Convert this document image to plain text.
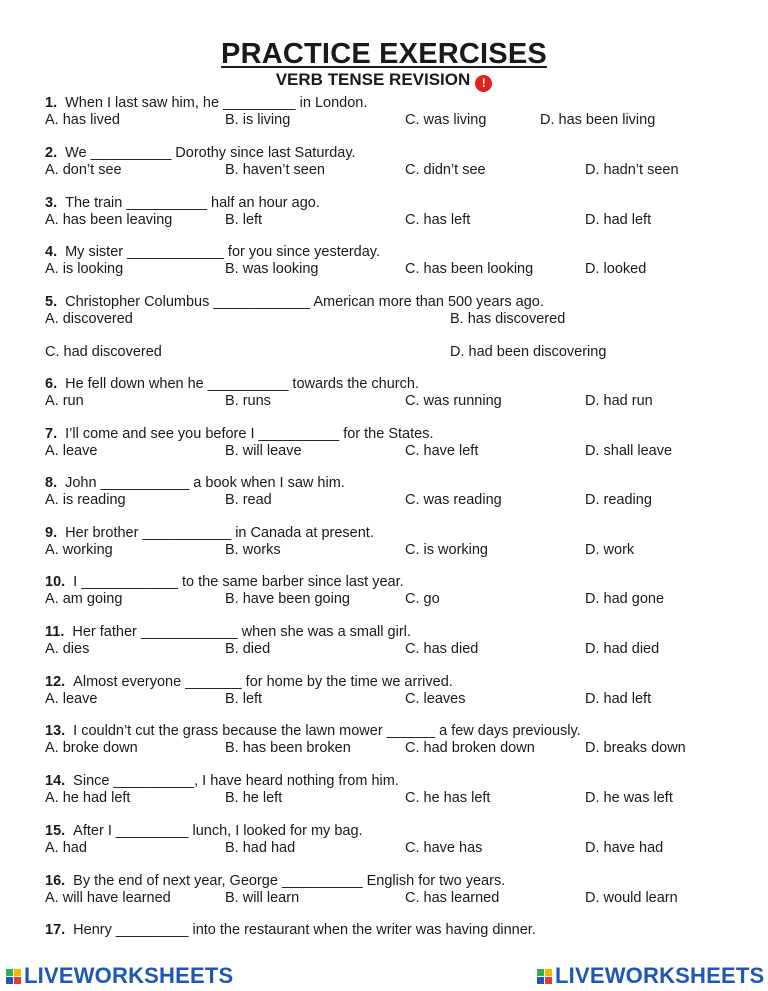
PRACTICE EXERCISES
VERB TENSE REVISION !
1. When I last saw him, he _________ in London.
A. has lived	B. is living	C. was living	D. has been living
2. We __________ Dorothy since last Saturday.
A. don’t see	B. haven’t seen	C. didn’t see	D. hadn’t seen
3. The train __________ half an hour ago.
A. has been leaving	B. left	C. has left	D. had left
4. My sister ____________ for you since yesterday.
A. is looking	B. was looking	C. has been looking	D. looked
5. Christopher Columbus ____________ American more than 500 years ago.
A. discovered	B. has discovered
C. had discovered	D. had been discovering
6. He fell down when he __________ towards the church.
A. run	B. runs	C. was running	D. had run
7. I’ll come and see you before I __________ for the States.
A. leave	B. will leave	C. have left	D. shall leave
8. John ___________ a book when I saw him.
A. is reading	B. read	C. was reading	D. reading
9. Her brother ___________ in Canada at present.
A. working	B. works	C. is working	D. work
10. I ____________ to the same barber since last year.
A. am going	B. have been going	C. go	D. had gone
11. Her father ____________ when she was a small girl.
A. dies	B. died	C. has died	D. had died
12. Almost everyone _______ for home by the time we arrived.
A. leave	B. left	C. leaves	D. had left
13. I couldn’t cut the grass because the lawn mower ______ a few days previously.
A. broke down	B. has been broken	C. had broken down	D. breaks down
14. Since __________, I have heard nothing from him.
A. he had left	B. he left	C. he has left	D. he was left
15. After I _________ lunch, I looked for my bag.
A. had	B. had had	C. have has	D. have had
16. By the end of next year, George __________ English for two years.
A. will have learned	B. will learn	C. has learned	D. would learn
17. Henry _________ into the restaurant when the writer was having dinner.
LIVEWORKSHEETS	LIVEWORKSHEETS
